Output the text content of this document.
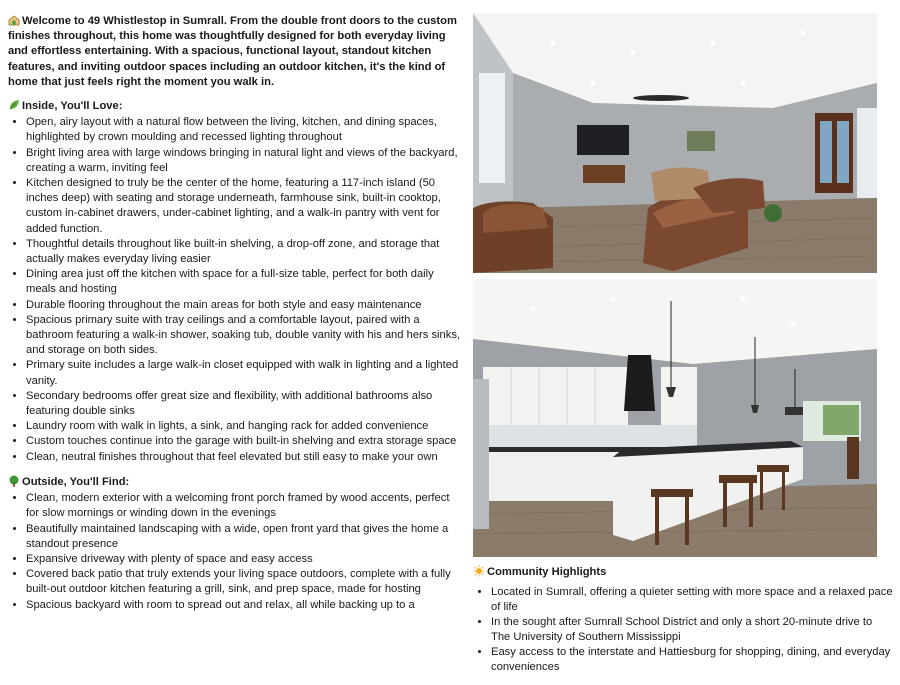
Welcome to 49 Whistlestop in Sumrall. From the double front doors to the custom finishes throughout, this home was thoughtfully designed for both everyday living and effortless entertaining. With a spacious, functional layout, standout kitchen features, and inviting outdoor spaces including an outdoor kitchen, it's the kind of home that just feels right the moment you walk in.

Inside, You'll Love:
• Open, airy layout with a natural flow between the living, kitchen, and dining spaces, highlighted by crown moulding and recessed lighting throughout
• Bright living area with large windows bringing in natural light and views of the backyard, creating a warm, inviting feel
• Kitchen designed to truly be the center of the home, featuring a 117-inch island (50 inches deep) with seating and storage underneath, farmhouse sink, built-in cooktop, custom in-cabinet drawers, under-cabinet lighting, and a walk-in pantry with vent for added function.
• Thoughtful details throughout like built-in shelving, a drop-off zone, and storage that actually makes everyday living easier
• Dining area just off the kitchen with space for a full-size table, perfect for both daily meals and hosting
• Durable flooring throughout the main areas for both style and easy maintenance
• Spacious primary suite with tray ceilings and a comfortable layout, paired with a bathroom featuring a walk-in shower, soaking tub, double vanity with his and hers sinks, and storage on both sides.
• Primary suite includes a large walk-in closet equipped with walk in lighting and a lighted vanity.
• Secondary bedrooms offer great size and flexibility, with additional bathrooms also featuring double sinks
• Laundry room with walk in lights, a sink, and hanging rack for added convenience
• Custom touches continue into the garage with built-in shelving and extra storage space
• Clean, neutral finishes throughout that feel elevated but still easy to make your own
Outside, You'll Find:
• Clean, modern exterior with a welcoming front porch framed by wood accents, perfect for slow mornings or winding down in the evenings
• Beautifully maintained landscaping with a wide, open front yard that gives the home a standout presence
• Expansive driveway with plenty of space and easy access
• Covered back patio that truly extends your living space outdoors, complete with a fully built-out outdoor kitchen featuring a grill, sink, and prep space, made for hosting
• Spacious backyard with room to spread out and relax, all while backing up to a
Community Highlights
• Located in Sumrall, offering a quieter setting with more space and a relaxed pace of life
• In the sought after Sumrall School District and only a short 20-minute drive to The University of Southern Mississippi
• Easy access to the interstate and Hattiesburg for shopping, dining, and everyday conveniences
